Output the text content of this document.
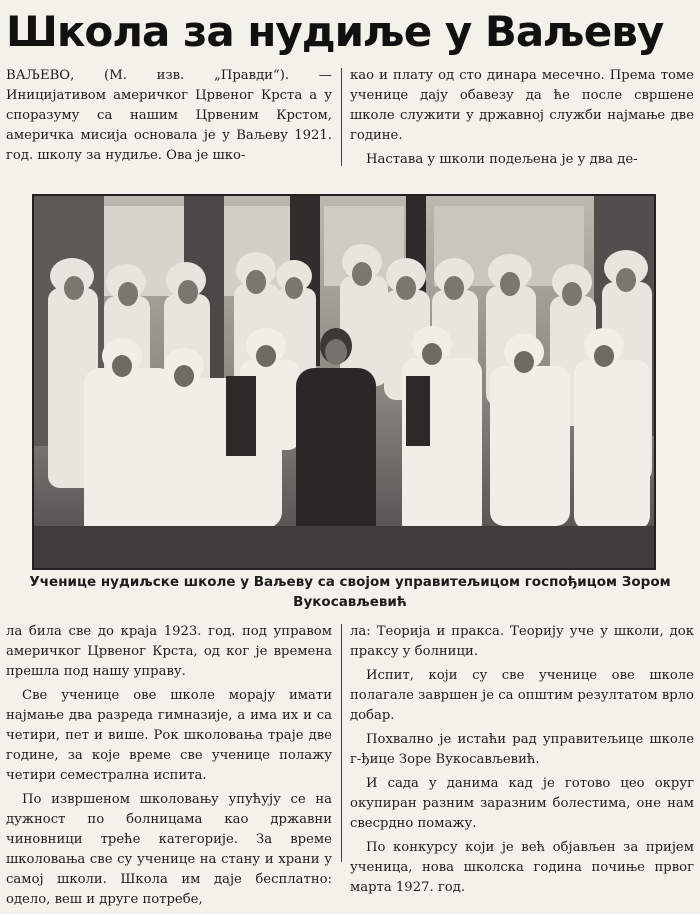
Школа за нудиље у Ваљеву

ВАЉЕВО, (М. изв. „Правди“). — Иницијативом америчког Црвеног Крста а у споразуму са нашим Црвеним Крстом, америчка мисија основала је у Ваљеву 1921. год. школу за нудиље. Ова је шко-

као и плату од сто динара месечно. Према томе ученице дају обавезу да ће после свршене школе служити у државној служби најмање две године.

Настава у школи подељена је у два де-

Ученице нудиљске школе у Ваљеву са својом управитељицом госпођицом Зором Вукосављевић

ла била све до краја 1923. год. под управом америчког Црвеног Крста, од ког је времена прешла под нашу управу.

Све ученице ове школе морају имати најмање два разреда гимназије, а има их и са четири, пет и више. Рок школовања траје две године, за које време све ученице полажу четири семестрална испита.

По извршеном школовању упућују се на дужност по болницама као државни чиновници треће категорије. За време школовања све су ученице на стану и храни у самој школи. Школа им даје бесплатно: одело, веш и друге потребе,

ла: Теорија и пракса. Теорију уче у школи, док праксу у болници.

Испит, који су све ученице ове школе полагале завршен је са општим резултатом врло добар.

Похвално је истаћи рад управитељице школе г-ђице Зоре Вукосављевић.

И сада у данима кад је готово цео округ окупиран разним заразним болестима, оне нам свесрдно помажу.

По конкурсу који је већ објављен за пријем ученица, нова школска година почиње првог марта 1927. год.
